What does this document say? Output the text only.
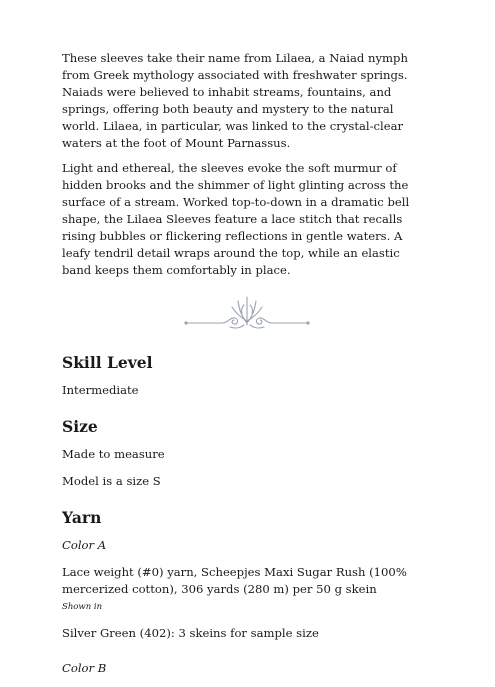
These sleeves take their name from Lilaea, a Naiad nymph from Greek mythology associated with freshwater springs. Naiads were believed to inhabit streams, fountains, and springs, offering both beauty and mystery to the natural world. Lilaea, in particular, was linked to the crystal-clear waters at the foot of Mount Parnassus.

Light and ethereal, the sleeves evoke the soft murmur of hidden brooks and the shimmer of light glinting across the surface of a stream. Worked top-to-down in a dramatic bell shape, the Lilaea Sleeves feature a lace stitch that recalls rising bubbles or flickering reflections in gentle waters. A leafy tendril detail wraps around the top, while an elastic band keeps them comfortably in place.

Skill Level

Intermediate

Size

Made to measure

Model is a size S

Yarn

Color A

Lace weight (#0) yarn, Scheepjes Maxi Sugar Rush (100% mercerized cotton), 306 yards (280 m) per 50 g skein

Shown in

Silver Green (402): 3 skeins for sample size

Color B
